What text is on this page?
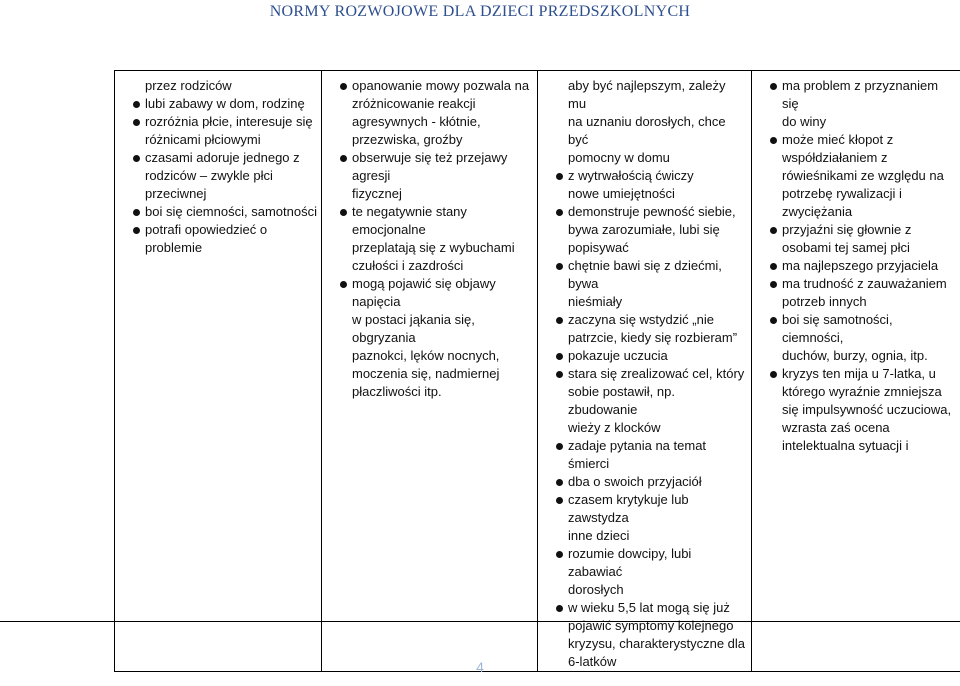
NORMY ROZWOJOWE DLA DZIECI PRZEDSZKOLNYCH
przez rodziców
lubi zabawy w dom, rodzinę
rozróżnia płcie, interesuje się
różnicami płciowymi
czasami adoruje jednego z
rodziców – zwykle płci
przeciwnej
boi się ciemności, samotności
potrafi opowiedzieć o
problemie

opanowanie mowy pozwala na
zróżnicowanie reakcji
agresywnych - kłótnie,
przezwiska, groźby
obserwuje się też przejawy agresji
fizycznej
te negatywnie stany emocjonalne
przeplatają się z wybuchami
czułości i zazdrości
mogą pojawić się objawy napięcia
w postaci jąkania się, obgryzania
paznokci, lęków nocnych,
moczenia się, nadmiernej
płaczliwości itp.

aby być najlepszym, zależy mu
na uznaniu dorosłych, chce być
pomocny w domu
z wytrwałością ćwiczy
nowe umiejętności
demonstruje pewność siebie,
bywa zarozumiałe, lubi się
popisywać
chętnie bawi się z dziećmi, bywa
nieśmiały
zaczyna się wstydzić „nie
patrzcie, kiedy się rozbieram”
pokazuje uczucia
stara się zrealizować cel, który
sobie postawił, np. zbudowanie
wieży z klocków
zadaje pytania na temat śmierci
dba o swoich przyjaciół
czasem krytykuje lub zawstydza
inne dzieci
rozumie dowcipy, lubi zabawiać
dorosłych
w wieku 5,5 lat mogą się już
pojawić symptomy kolejnego
kryzysu, charakterystyczne dla
6-latków

ma problem z przyznaniem się
do winy
może mieć kłopot z
współdziałaniem z
rówieśnikami ze względu na
potrzebę rywalizacji i
zwyciężania
przyjaźni się głownie z
osobami tej samej płci
ma najlepszego przyjaciela
ma trudność z zauważaniem
potrzeb innych
boi się samotności, ciemności,
duchów, burzy, ognia, itp.
kryzys ten mija u 7-latka, u
którego wyraźnie zmniejsza
się impulsywność uczuciowa,
wzrasta zaś ocena
intelektualna sytuacji i
4
